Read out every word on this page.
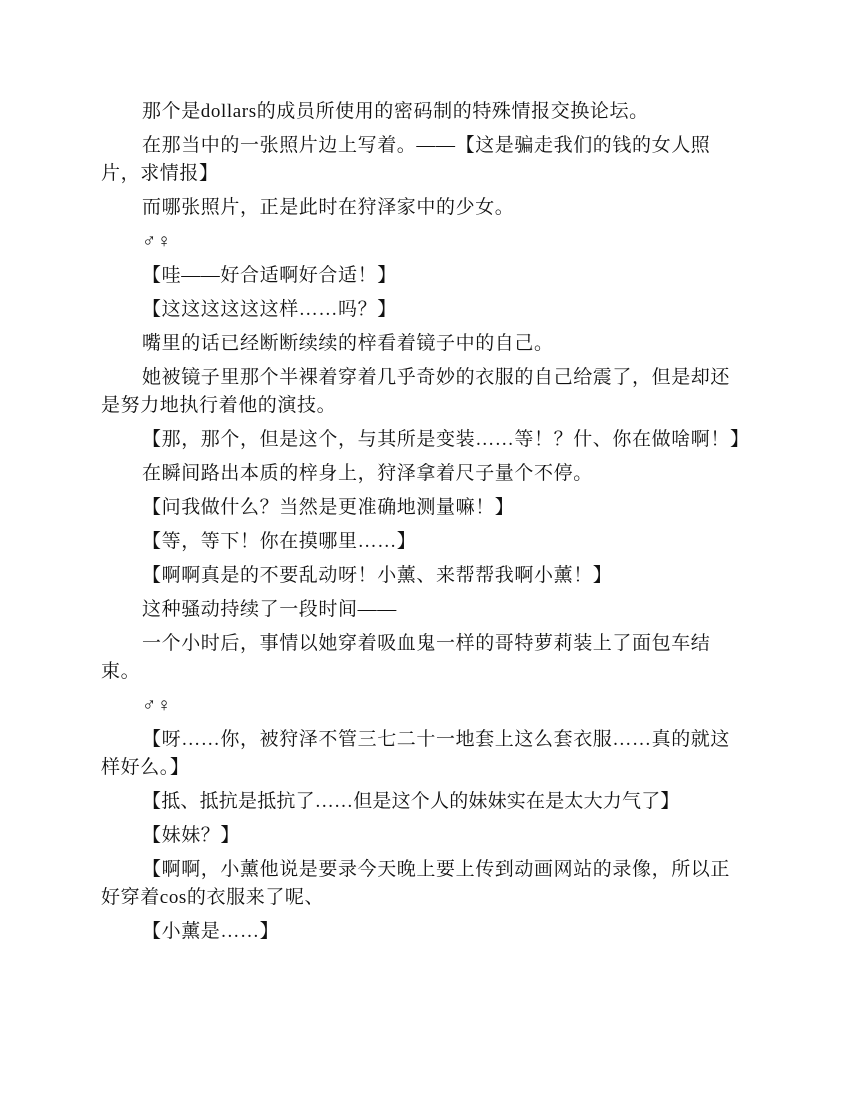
那个是dollars的成员所使用的密码制的特殊情报交换论坛。

在那当中的一张照片边上写着。——【这是骗走我们的钱的女人照片，求情报】

而哪张照片，正是此时在狩泽家中的少女。

♂♀

【哇——好合适啊好合适！】

【这这这这这这样……吗？】

嘴里的话已经断断续续的梓看着镜子中的自己。

她被镜子里那个半裸着穿着几乎奇妙的衣服的自己给震了，但是却还是努力地执行着他的演技。

【那，那个，但是这个，与其所是变装……等！？什、你在做啥啊！】

在瞬间路出本质的梓身上，狩泽拿着尺子量个不停。

【问我做什么？当然是更准确地测量嘛！】

【等，等下！你在摸哪里……】

【啊啊真是的不要乱动呀！小薰、来帮帮我啊小薰！】

这种骚动持续了一段时间——

一个小时后，事情以她穿着吸血鬼一样的哥特萝莉装上了面包车结束。

♂♀

【呀……你，被狩泽不管三七二十一地套上这么套衣服……真的就这样好么。】

【抵、抵抗是抵抗了……但是这个人的妹妹实在是太大力气了】

【妹妹？】

【啊啊，小薰他说是要录今天晚上要上传到动画网站的录像，所以正好穿着cos的衣服来了呢、

【小薰是……】
